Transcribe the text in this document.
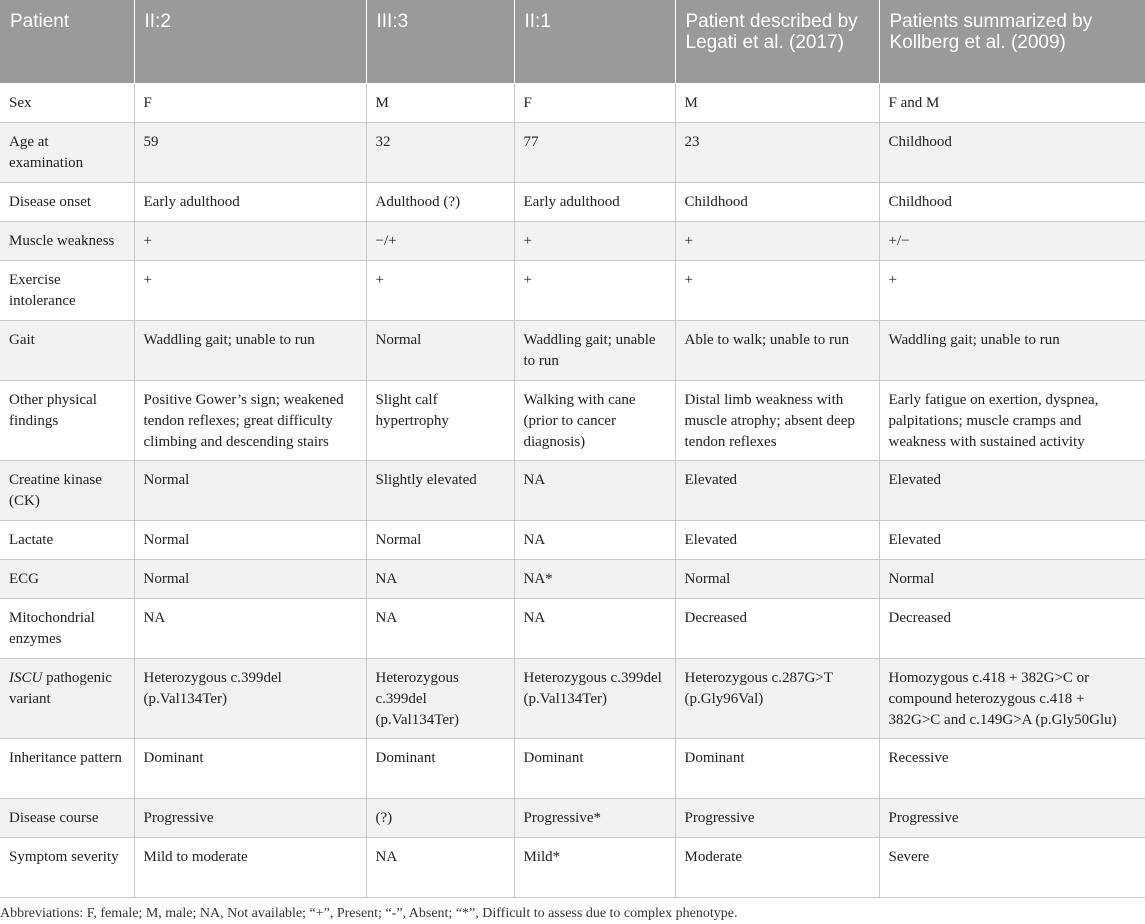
Patient	II:2	III:3	II:1	Patient described by Legati et al. (2017)	Patients summarized by Kollberg et al. (2009)
Sex	F	M	F	M	F and M
Age at examination	59	32	77	23	Childhood
Disease onset	Early adulthood	Adulthood (?)	Early adulthood	Childhood	Childhood
Muscle weakness	+	−/+	+	+	+/−
Exercise intolerance	+	+	+	+	+
Gait	Waddling gait; unable to run	Normal	Waddling gait; unable to run	Able to walk; unable to run	Waddling gait; unable to run
Other physical findings	Positive Gower’s sign; weakened tendon reflexes; great difficulty climbing and descending stairs	Slight calf hypertrophy	Walking with cane (prior to cancer diagnosis)	Distal limb weakness with muscle atrophy; absent deep tendon reflexes	Early fatigue on exertion, dyspnea, palpitations; muscle cramps and weakness with sustained activity
Creatine kinase (CK)	Normal	Slightly elevated	NA	Elevated	Elevated
Lactate	Normal	Normal	NA	Elevated	Elevated
ECG	Normal	NA	NA*	Normal	Normal
Mitochondrial enzymes	NA	NA	NA	Decreased	Decreased
ISCU pathogenic variant	Heterozygous c.399del (p.Val134Ter)	Heterozygous c.399del (p.Val134Ter)	Heterozygous c.399del (p.Val134Ter)	Heterozygous c.287G>T (p.Gly96Val)	Homozygous c.418 + 382G>C or compound heterozygous c.418 + 382G>C and c.149G>A (p.Gly50Glu)
Inheritance pattern	Dominant	Dominant	Dominant	Dominant	Recessive
Disease course	Progressive	(?)	Progressive*	Progressive	Progressive
Symptom severity	Mild to moderate	NA	Mild*	Moderate	Severe
Abbreviations: F, female; M, male; NA, Not available; “+”, Present; “-”, Absent; “*”, Difficult to assess due to complex phenotype.
